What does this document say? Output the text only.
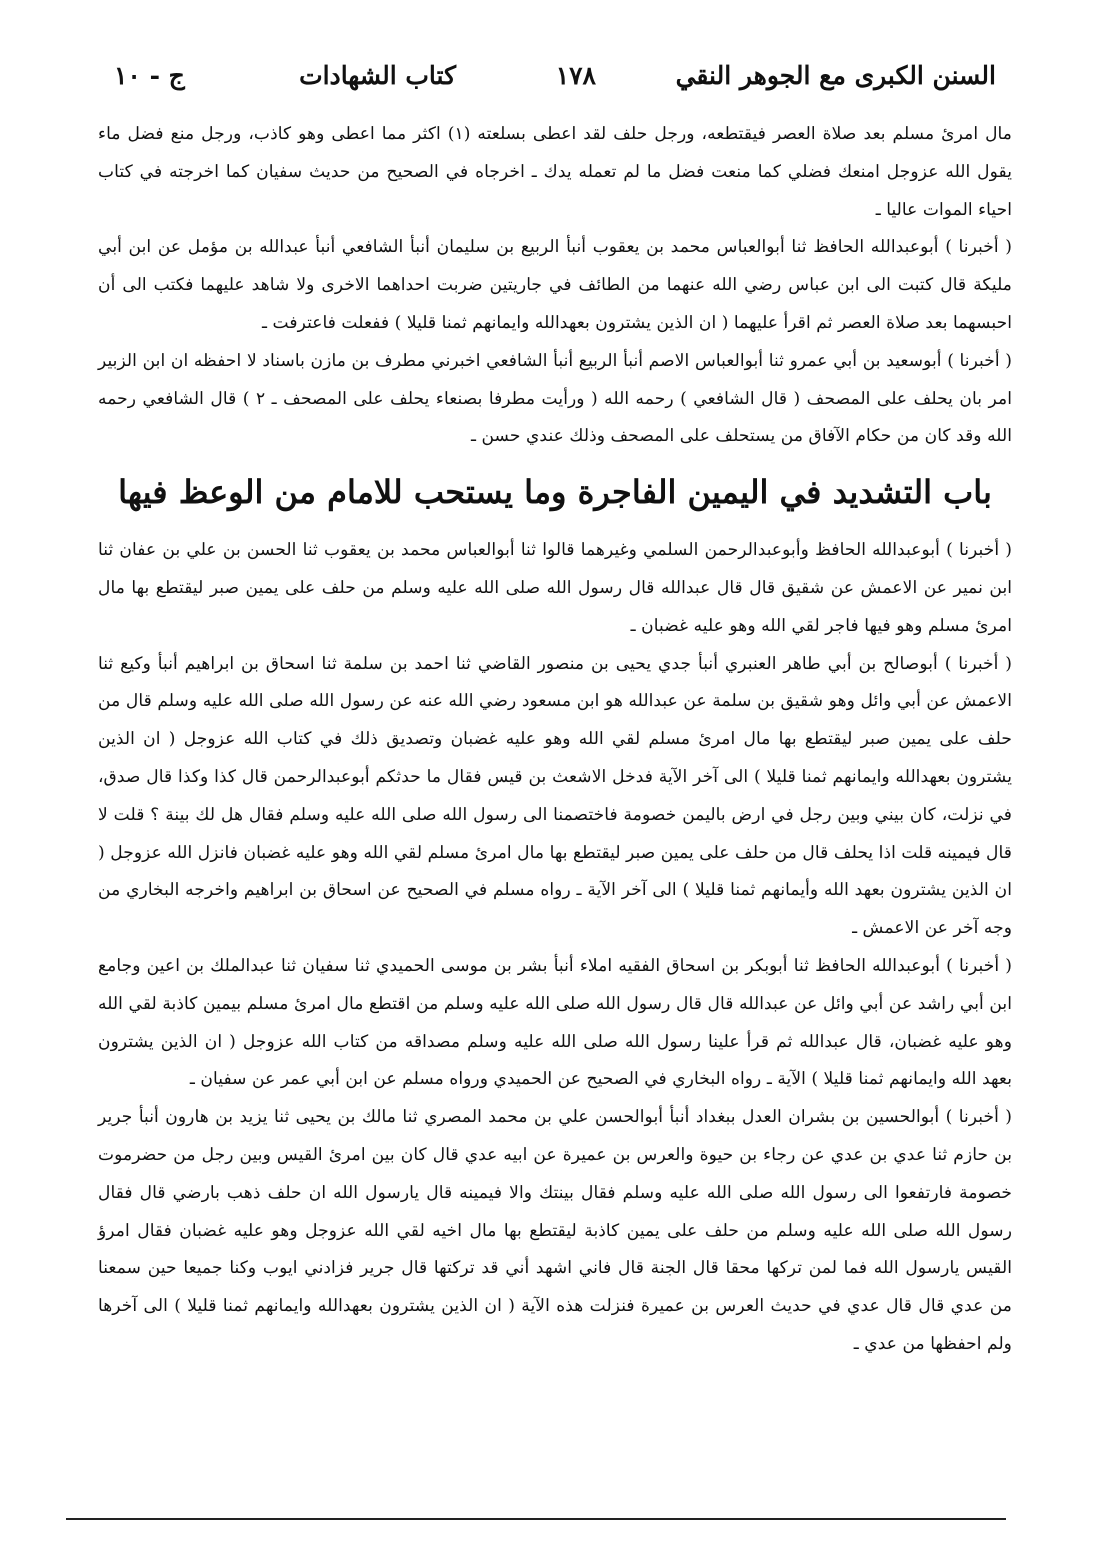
السنن الكبرى مع الجوهر النقي
١٧٨
كتاب الشهادات
ج - ١٠

مال امرئ مسلم بعد صلاة العصر فيقتطعه، ورجل حلف لقد اعطى بسلعته (١) اكثر مما اعطى وهو كاذب، ورجل منع فضل ماء يقول الله عزوجل امنعك فضلي كما منعت فضل ما لم تعمله يدك ـ اخرجاه في الصحيح من حديث سفيان كما اخرجته في كتاب احياء الموات عاليا ـ

( أخبرنا ) أبوعبدالله الحافظ ثنا أبوالعباس محمد بن يعقوب أنبأ الربيع بن سليمان أنبأ الشافعي أنبأ عبدالله بن مؤمل عن ابن أبي مليكة قال كتبت الى ابن عباس رضي الله عنهما من الطائف في جاريتين ضربت احداهما الاخرى ولا شاهد عليهما فكتب الى أن احبسهما بعد صلاة العصر ثم اقرأ عليهما ( ان الذين يشترون بعهدالله وايمانهم ثمنا قليلا ) ففعلت فاعترفت ـ

( أخبرنا ) أبوسعيد بن أبي عمرو ثنا أبوالعباس الاصم أنبأ الربيع أنبأ الشافعي اخبرني مطرف بن مازن باسناد لا احفظه ان ابن الزبير امر بان يحلف على المصحف ( قال الشافعي ) رحمه الله ( ورأيت مطرفا بصنعاء يحلف على المصحف ـ ٢ ) قال الشافعي رحمه الله وقد كان من حكام الآفاق من يستحلف على المصحف وذلك عندي حسن ـ

باب التشديد في اليمين الفاجرة وما يستحب للامام من الوعظ فيها

( أخبرنا ) أبوعبدالله الحافظ وأبوعبدالرحمن السلمي وغيرهما قالوا ثنا أبوالعباس محمد بن يعقوب ثنا الحسن بن علي بن عفان ثنا ابن نمير عن الاعمش عن شقيق قال قال عبدالله قال رسول الله صلى الله عليه وسلم من حلف على يمين صبر ليقتطع بها مال امرئ مسلم وهو فيها فاجر لقي الله وهو عليه غضبان ـ

( أخبرنا ) أبوصالح بن أبي طاهر العنبري أنبأ جدي يحيى بن منصور القاضي ثنا احمد بن سلمة ثنا اسحاق بن ابراهيم أنبأ وكيع ثنا الاعمش عن أبي وائل وهو شقيق بن سلمة عن عبدالله هو ابن مسعود رضي الله عنه عن رسول الله صلى الله عليه وسلم قال من حلف على يمين صبر ليقتطع بها مال امرئ مسلم لقي الله وهو عليه غضبان وتصديق ذلك في كتاب الله عزوجل ( ان الذين يشترون بعهدالله وايمانهم ثمنا قليلا ) الى آخر الآية فدخل الاشعث بن قيس فقال ما حدثكم أبوعبدالرحمن قال كذا وكذا قال صدق، في نزلت، كان بيني وبين رجل في ارض باليمن خصومة فاختصمنا الى رسول الله صلى الله عليه وسلم فقال هل لك بينة ؟ قلت لا قال فيمينه قلت اذا يحلف قال من حلف على يمين صبر ليقتطع بها مال امرئ مسلم لقي الله وهو عليه غضبان فانزل الله عزوجل ( ان الذين يشترون بعهد الله وأيمانهم ثمنا قليلا ) الى آخر الآية ـ رواه مسلم في الصحيح عن اسحاق بن ابراهيم واخرجه البخاري من وجه آخر عن الاعمش ـ

( أخبرنا ) أبوعبدالله الحافظ ثنا أبوبكر بن اسحاق الفقيه املاء أنبأ بشر بن موسى الحميدي ثنا سفيان ثنا عبدالملك بن اعين وجامع ابن أبي راشد عن أبي وائل عن عبدالله قال قال رسول الله صلى الله عليه وسلم من اقتطع مال امرئ مسلم بيمين كاذبة لقي الله وهو عليه غضبان، قال عبدالله ثم قرأ علينا رسول الله صلى الله عليه وسلم مصداقه من كتاب الله عزوجل ( ان الذين يشترون بعهد الله وايمانهم ثمنا قليلا ) الآية ـ رواه البخاري في الصحيح عن الحميدي ورواه مسلم عن ابن أبي عمر عن سفيان ـ

( أخبرنا ) أبوالحسين بن بشران العدل ببغداد أنبأ أبوالحسن علي بن محمد المصري ثنا مالك بن يحيى ثنا يزيد بن هارون أنبأ جرير بن حازم ثنا عدي بن عدي عن رجاء بن حيوة والعرس بن عميرة عن ابيه عدي قال كان بين امرئ القيس وبين رجل من حضرموت خصومة فارتفعوا الى رسول الله صلى الله عليه وسلم فقال بينتك والا فيمينه قال يارسول الله ان حلف ذهب بارضي قال فقال رسول الله صلى الله عليه وسلم من حلف على يمين كاذبة ليقتطع بها مال اخيه لقي الله عزوجل وهو عليه غضبان فقال امرؤ القيس يارسول الله فما لمن تركها محقا قال الجنة قال فاني اشهد أني قد تركتها قال جرير فزادني ايوب وكنا جميعا حين سمعنا من عدي قال قال عدي في حديث العرس بن عميرة فنزلت هذه الآية ( ان الذين يشترون بعهدالله وايمانهم ثمنا قليلا ) الى آخرها ولم احفظها من عدي ـ
